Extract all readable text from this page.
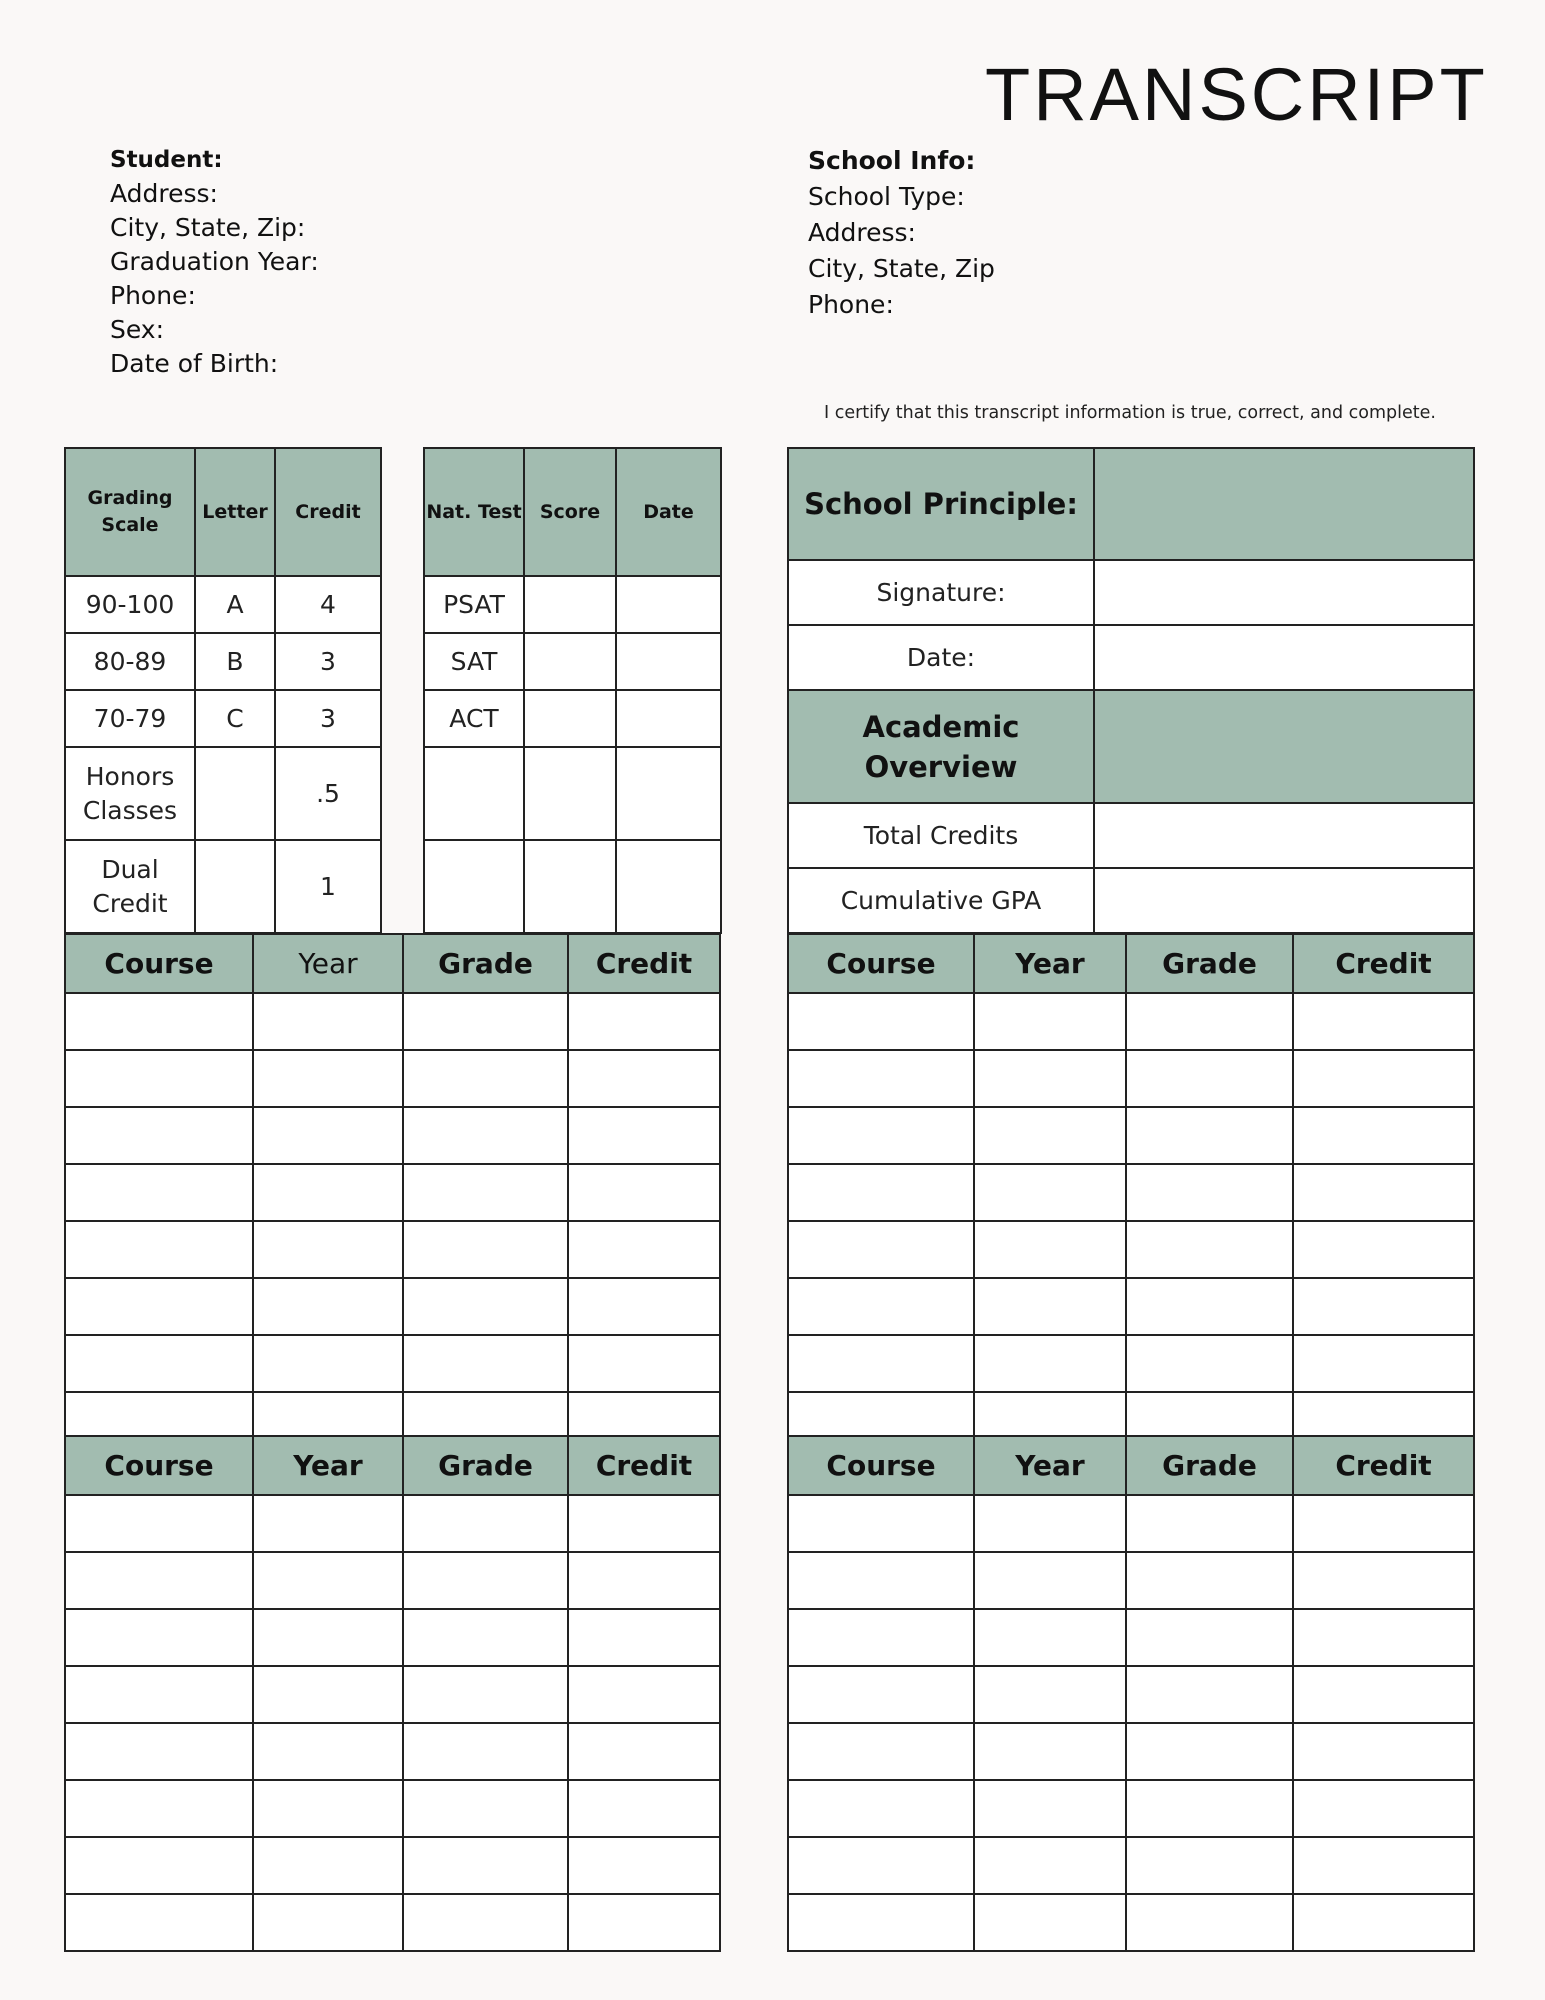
TRANSCRIPT
Student:
Address:
City, State, Zip:
Graduation Year:
Phone:
Sex:
Date of Birth:
School Info:
School Type:
Address:
City, State, Zip
Phone:
I certify that this transcript information is true, correct, and complete.
Grading Scale	Letter	Credit
90-100	A	4
80-89	B	3
70-79	C	3
Honors Classes		.5
Dual Credit		1
Nat. Test	Score	Date
PSAT		
SAT		
ACT		

School Principle:	
Signature:	
Date:	
Academic Overview	
Total Credits	
Cumulative GPA	
Course	Year	Grade	Credit

				Course	Year	Grade	Credit

Course	Year	Grade	Credit

				Course	Year	Grade	Credit
